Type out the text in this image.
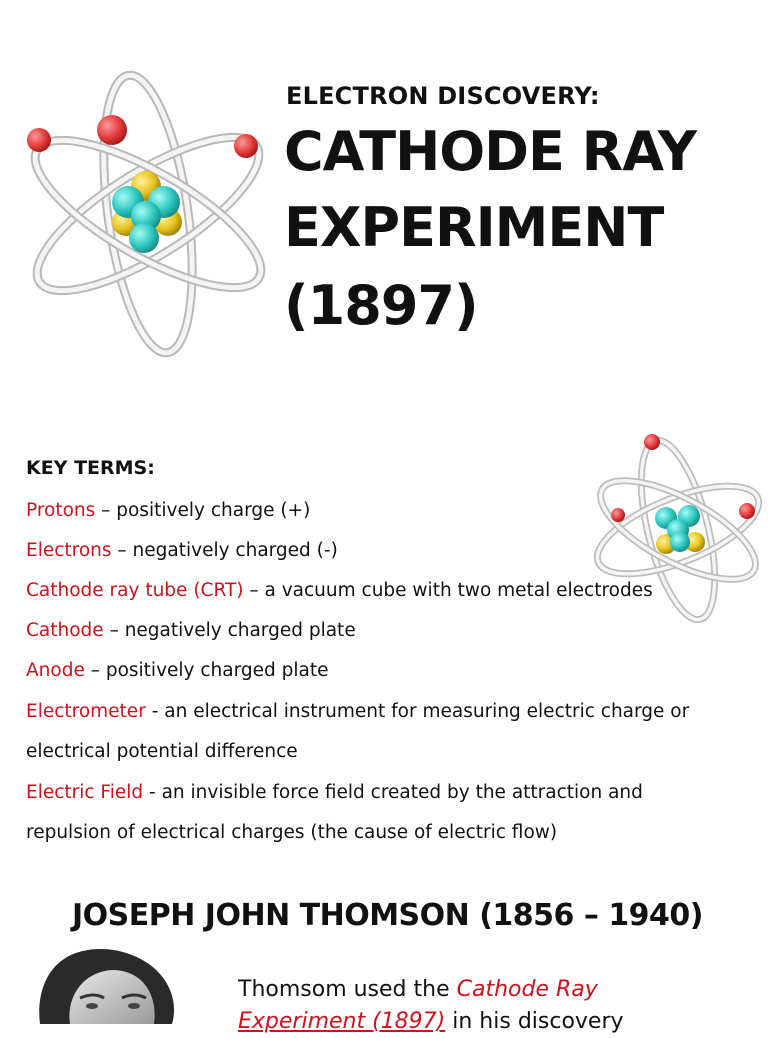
ELECTRON DISCOVERY:
CATHODE RAY
EXPERIMENT
(1897)
KEY TERMS:
Protons – positively charge (+)
Electrons – negatively charged (-)
Cathode ray tube (CRT) – a vacuum cube with two metal electrodes
Cathode – negatively charged plate
Anode – positively charged plate
Electrometer - an electrical instrument for measuring electric charge or
electrical potential difference
Electric Field - an invisible force field created by the attraction and
repulsion of electrical charges (the cause of electric flow)
JOSEPH JOHN THOMSON (1856 – 1940)
Thomsom used the Cathode Ray
Experiment (1897) in his discovery
